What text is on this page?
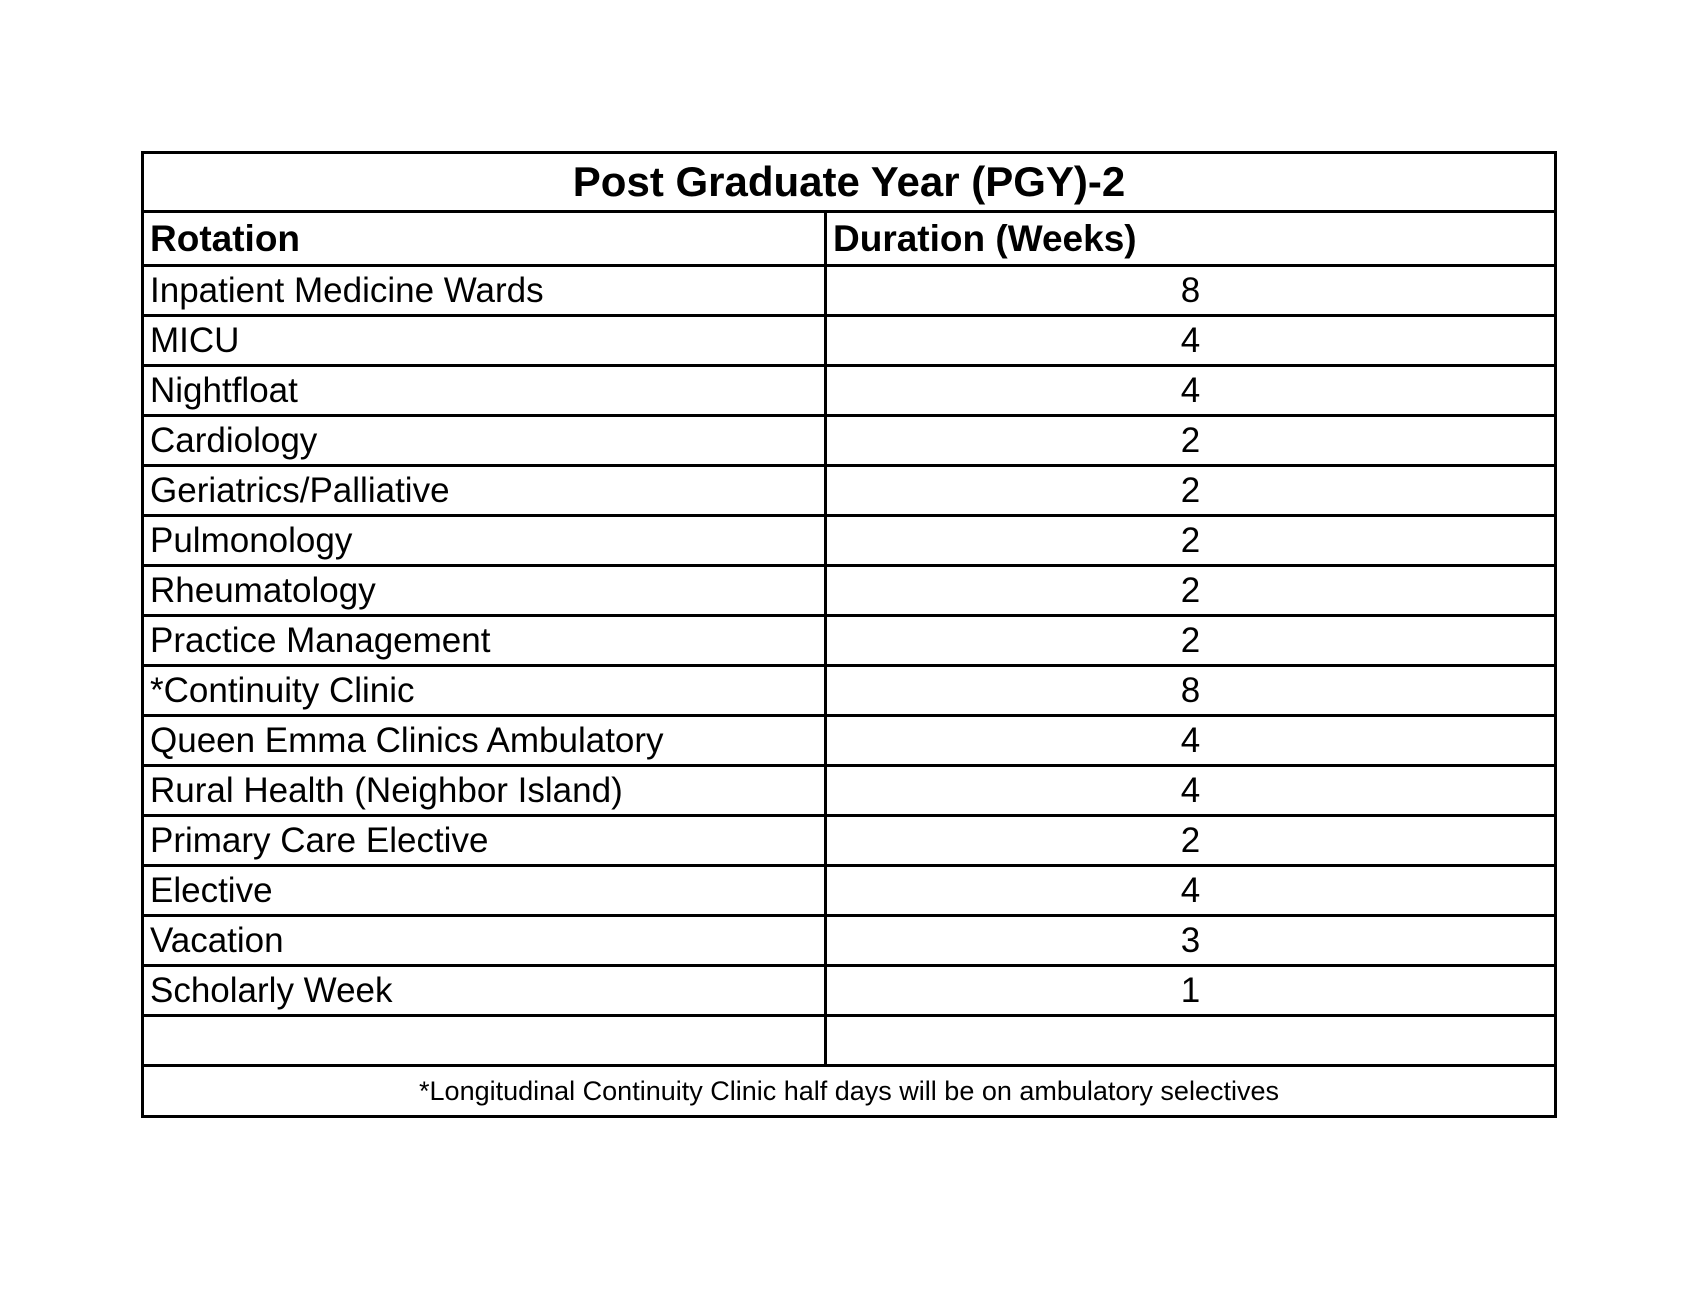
Post Graduate Year (PGY)-2	
Rotation	Duration (Weeks)
Inpatient Medicine Wards	8
MICU	4
Nightfloat	4
Cardiology	2
Geriatrics/Palliative	2
Pulmonology	2
Rheumatology	2
Practice Management	2
*Continuity Clinic	8
Queen Emma Clinics Ambulatory	4
Rural Health (Neighbor Island)	4
Primary Care Elective	2
Elective	4
Vacation	3
Scholarly Week	1

*Longitudinal Continuity Clinic half days will be on ambulatory selectives	
